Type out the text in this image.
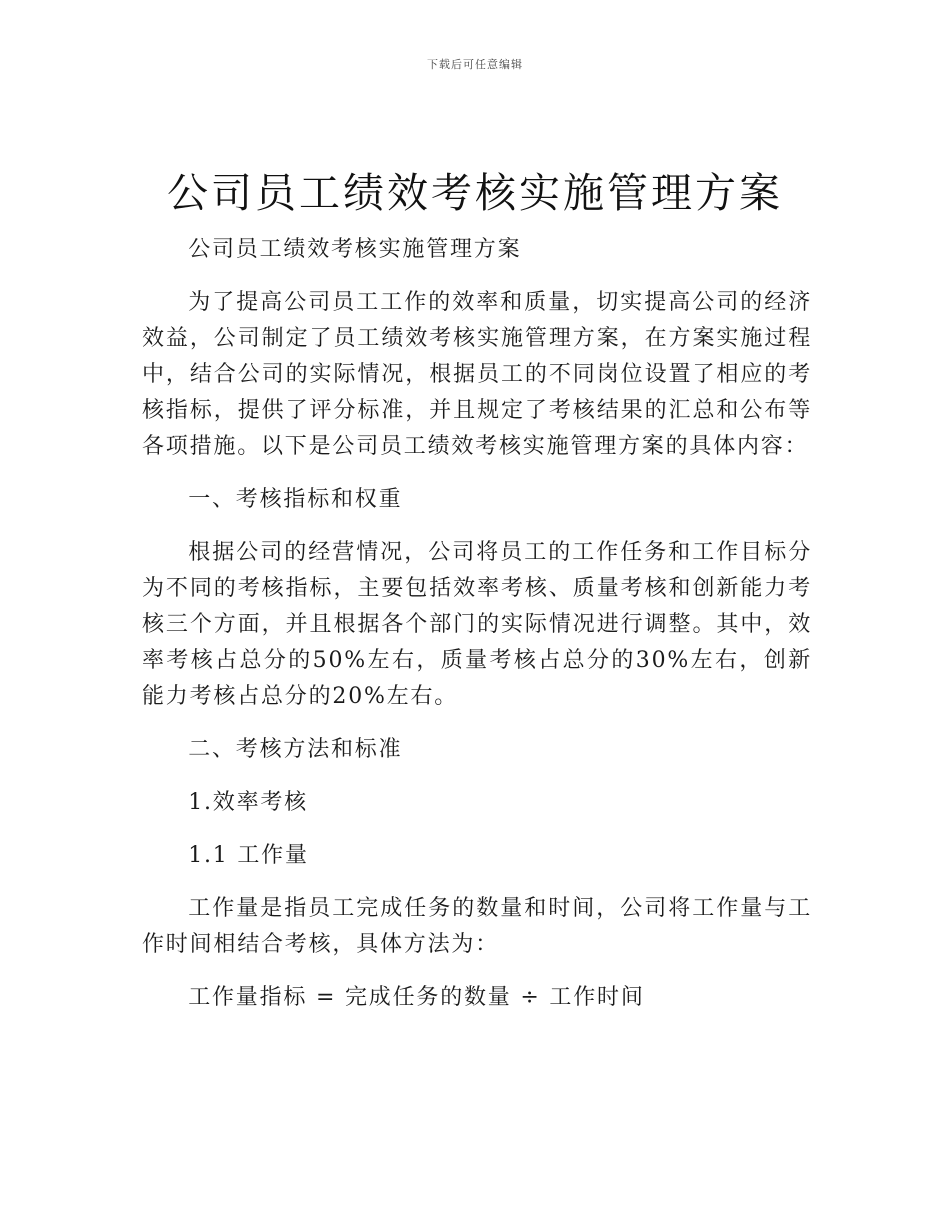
下载后可任意编辑
公司员工绩效考核实施管理方案

公司员工绩效考核实施管理方案

为了提高公司员工工作的效率和质量，切实提高公司的经济效益，公司制定了员工绩效考核实施管理方案，在方案实施过程中，结合公司的实际情况，根据员工的不同岗位设置了相应的考核指标，提供了评分标准，并且规定了考核结果的汇总和公布等各项措施。以下是公司员工绩效考核实施管理方案的具体内容：

一、考核指标和权重

根据公司的经营情况，公司将员工的工作任务和工作目标分为不同的考核指标，主要包括效率考核、质量考核和创新能力考核三个方面，并且根据各个部门的实际情况进行调整。其中，效率考核占总分的50%左右，质量考核占总分的30%左右，创新能力考核占总分的20%左右。

二、考核方法和标准

1.效率考核

1.1 工作量

工作量是指员工完成任务的数量和时间，公司将工作量与工作时间相结合考核，具体方法为：

工作量指标 = 完成任务的数量 ÷ 工作时间
